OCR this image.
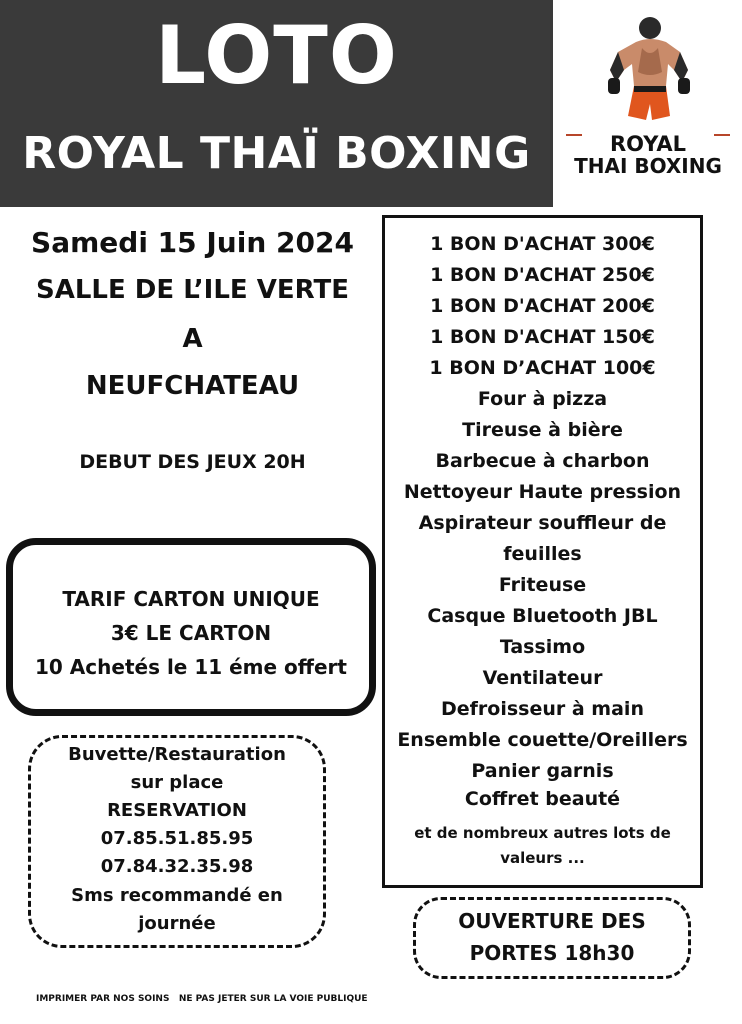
LOTO
ROYAL THAÏ BOXING	ROYAL
THAI BOXING
Samedi 15 Juin 2024
SALLE DE L’ILE VERTE
A
NEUFCHATEAU
DEBUT DES JEUX 20H
TARIF CARTON UNIQUE
3€ LE CARTON
10 Achetés le 11 éme offert
Buvette/Restauration
sur place
RESERVATION
07.85.51.85.95
07.84.32.35.98
Sms recommandé en
journée
1 BON D'ACHAT 300€
1 BON D'ACHAT 250€
1 BON D'ACHAT 200€
1 BON D'ACHAT 150€
1 BON D’ACHAT 100€
Four à pizza
Tireuse à bière
Barbecue à charbon
Nettoyeur Haute pression
Aspirateur souffleur de
feuilles
Friteuse
Casque Bluetooth JBL
Tassimo
Ventilateur
Defroisseur à main
Ensemble couette/Oreillers
Panier garnis
Coffret beauté
et de nombreux autres lots de
valeurs ...
OUVERTURE DES
PORTES 18h30
IMPRIMER PAR NOS SOINS   NE PAS JETER SUR LA VOIE PUBLIQUE
